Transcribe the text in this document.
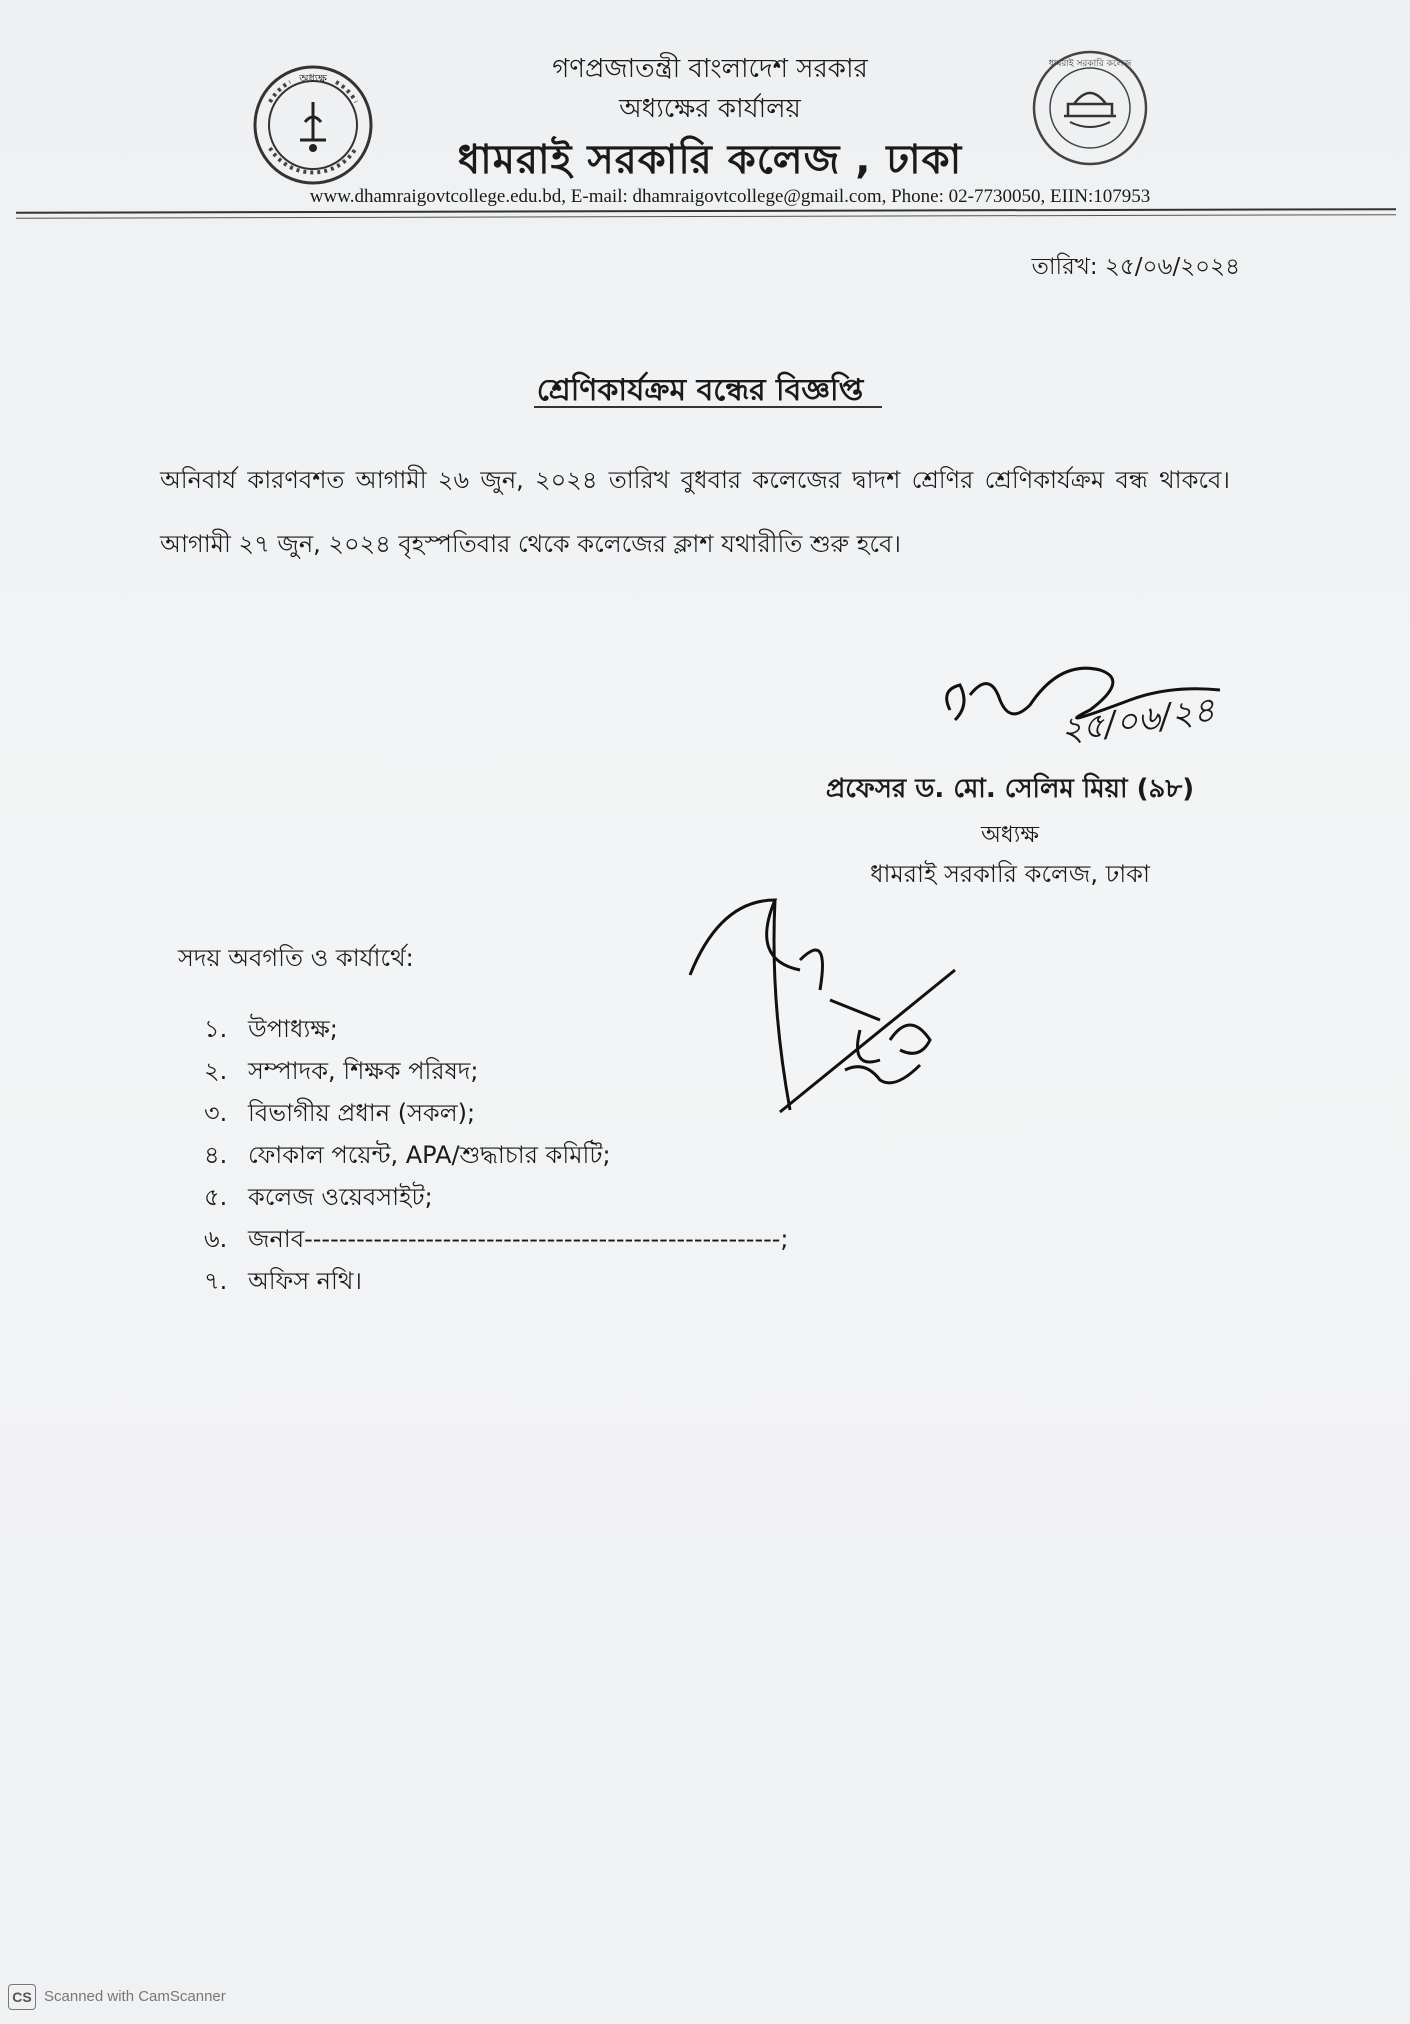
অধ্যক্ষ
ধামরাই সরকারি কলেজ
গণপ্রজাতন্ত্রী বাংলাদেশ সরকার
অধ্যক্ষের কার্যালয়
ধামরাই সরকারি কলেজ , ঢাকা
www.dhamraigovtcollege.edu.bd, E-mail: dhamraigovtcollege@gmail.com, Phone: 02-7730050, EIIN:107953
তারিখ: ২৫/০৬/২০২৪
শ্রেণিকার্যক্রম বন্ধের বিজ্ঞপ্তি
অনিবার্য কারণবশত আগামী ২৬ জুন, ২০২৪ তারিখ বুধবার কলেজের দ্বাদশ শ্রেণির শ্রেণিকার্যক্রম বন্ধ থাকবে। আগামী ২৭ জুন, ২০২৪ বৃহস্পতিবার থেকে কলেজের ক্লাশ যথারীতি শুরু হবে।
২৫/০৬/২৪
প্রফেসর ড. মো. সেলিম মিয়া (৯৮)
অধ্যক্ষ
ধামরাই সরকারি কলেজ, ঢাকা
সদয় অবগতি ও কার্যার্থে:
১. উপাধ্যক্ষ;
২. সম্পাদক, শিক্ষক পরিষদ;
৩. বিভাগীয় প্রধান (সকল);
৪. ফোকাল পয়েন্ট, APA/শুদ্ধাচার কমিটি;
৫. কলেজ ওয়েবসাইট;
৬. জনাব-------------------------------------------------------;
৭. অফিস নথি।
CS Scanned with CamScanner
